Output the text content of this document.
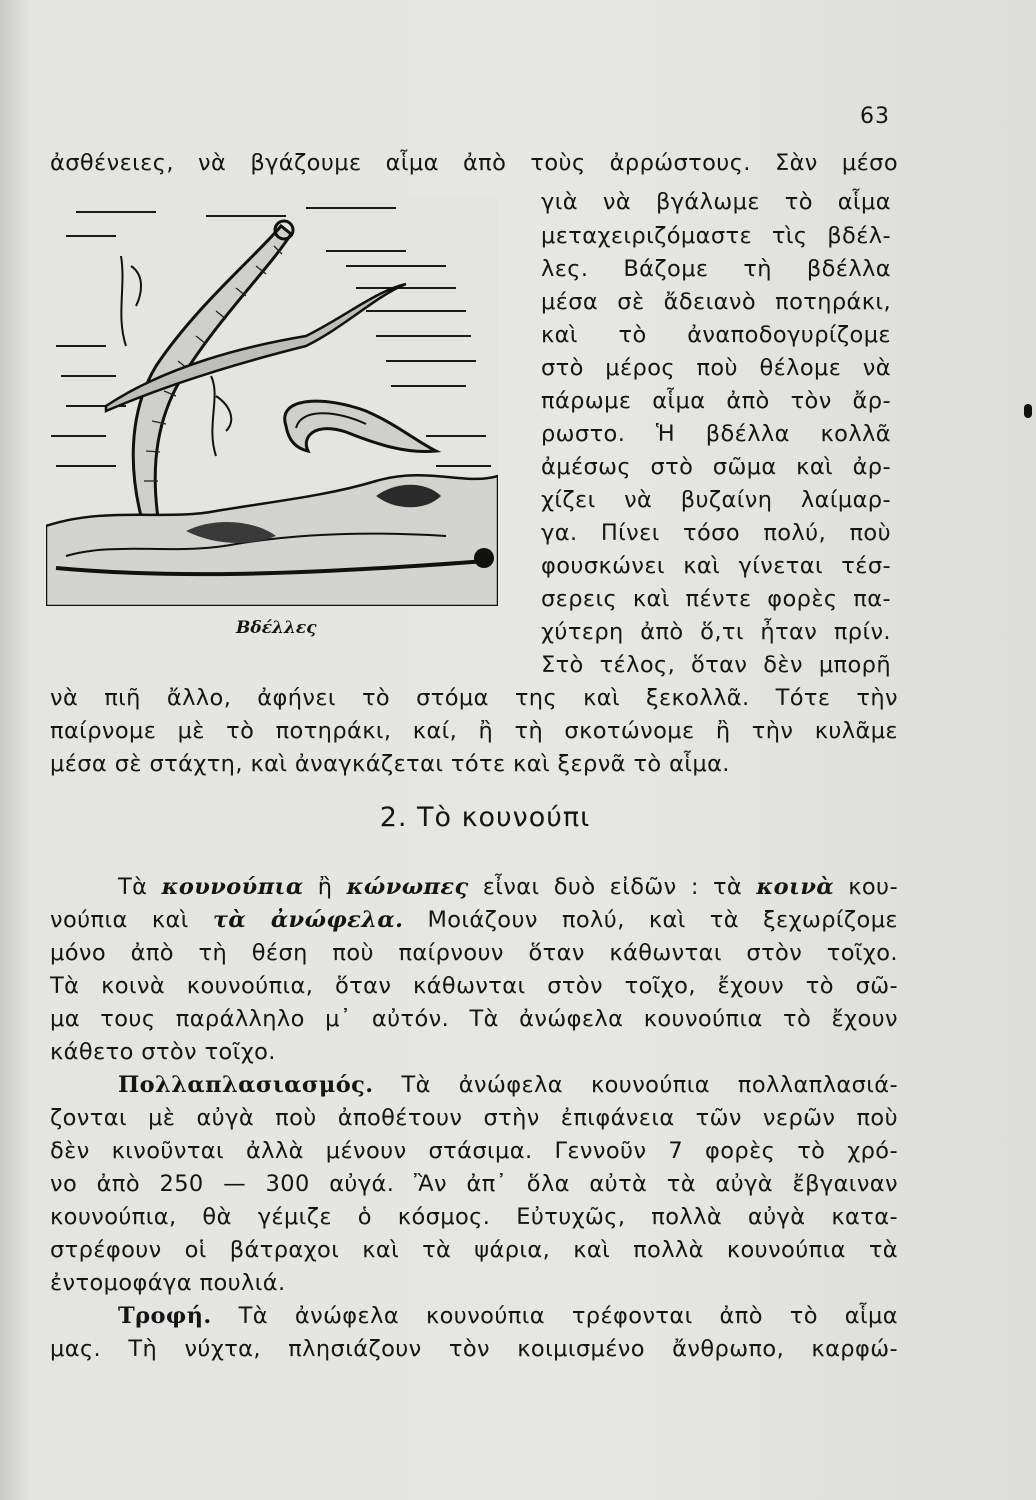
63
ἀσθένειες, νὰ βγάζουμε αἷμα ἀπὸ τοὺς ἀρρώστους. Σὰν μέσο
Βδέλλες
γιὰ νὰ βγάλωμε τὸ αἷμα
μεταχειριζόμαστε τὶς βδέλ-
λες. Βάζομε τὴ βδέλλα
μέσα σὲ ἄδειανὸ ποτηράκι,
καὶ τὸ ἀναποδογυρίζομε
στὸ μέρος ποὺ θέλομε νὰ
πάρωμε αἷμα ἀπὸ τὸν ἄρ-
ρωστο. Ἡ βδέλλα κολλᾶ
ἀμέσως στὸ σῶμα καὶ ἀρ-
χίζει νὰ βυζαίνη λαίμαρ-
γα. Πίνει τόσο πολύ, ποὺ
φουσκώνει καὶ γίνεται τέσ-
σερεις καὶ πέντε φορὲς πα-
χύτερη ἀπὸ ὅ,τι ἦταν πρίν.
Στὸ τέλος, ὅταν δὲν μπορῆ
νὰ πιῆ ἄλλο, ἀφήνει τὸ στόμα της καὶ ξεκολλᾶ. Τότε τὴν
παίρνομε μὲ τὸ ποτηράκι, καί, ἢ τὴ σκοτώνομε ἢ τὴν κυλᾶμε
μέσα σὲ στάχτη, καὶ ἀναγκάζεται τότε καὶ ξερνᾶ τὸ αἷμα.
2. Τὸ κουνούπι
Τὰ κουνούπια ἢ κώνωπες εἶναι δυὸ εἰδῶν : τὰ κοινὰ κου-
νούπια καὶ τὰ ἀνώφελα. Μοιάζουν πολύ, καὶ τὰ ξεχωρίζομε
μόνο ἀπὸ τὴ θέση ποὺ παίρνουν ὅταν κάθωνται στὸν τοῖχο.
Τὰ κοινὰ κουνούπια, ὅταν κάθωνται στὸν τοῖχο, ἔχουν τὸ σῶ-
μα τους παράλληλο μ᾽ αὐτόν. Τὰ ἀνώφελα κουνούπια τὸ ἔχουν
κάθετο στὸν τοῖχο.
Πολλαπλασιασμός. Τὰ ἀνώφελα κουνούπια πολλαπλασιά-
ζονται μὲ αὐγὰ ποὺ ἀποθέτουν στὴν ἐπιφάνεια τῶν νερῶν ποὺ
δὲν κινοῦνται ἀλλὰ μένουν στάσιμα. Γεννοῦν 7 φορὲς τὸ χρό-
νο ἀπὸ 250 — 300 αὐγά. Ἂν ἀπ᾽ ὅλα αὐτὰ τὰ αὐγὰ ἔβγαιναν
κουνούπια, θὰ γέμιζε ὁ κόσμος. Εὐτυχῶς, πολλὰ αὐγὰ κατα-
στρέφουν οἱ βάτραχοι καὶ τὰ ψάρια, καὶ πολλὰ κουνούπια τὰ
ἐντομοφάγα πουλιά.
Τροφή. Τὰ ἀνώφελα κουνούπια τρέφονται ἀπὸ τὸ αἷμα
μας. Τὴ νύχτα, πλησιάζουν τὸν κοιμισμένο ἄνθρωπο, καρφώ-
